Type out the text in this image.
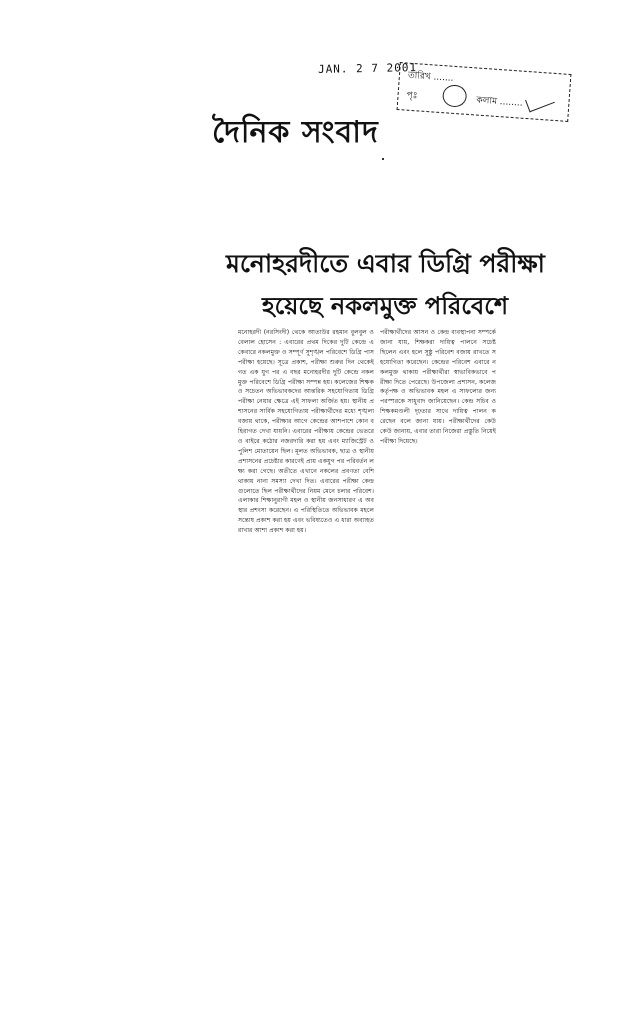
JAN. 2 7 2001
তারিখ .......
পৃঃ	কলাম ........
দৈনিক সংবাদ
মনোহরদীতে এবার ডিগ্রি পরীক্ষা
হয়েছে নকলমুক্ত পরিবেশে

মনোহরদী (নরসিংদী) থেকে আতাউর রহমান বুলবুল ও বেলাল হোসেন : এবারের প্রথম দিকের দুটি কেন্দ্রে একেবারে নকলমুক্ত ও সম্পূর্ণ সুশৃঙ্খল পরিবেশে ডিগ্রি পাস পরীক্ষা হয়েছে। সূত্রে প্রকাশ, পরীক্ষা শুরুর দিন থেকেই গত এক যুগ পর এ বছর মনোহরদীর দুটি কেন্দ্রে নকলমুক্ত পরিবেশে ডিগ্রি পরীক্ষা সম্পন্ন হয়। কলেজের শিক্ষক ও সচেতন অভিভাবকদের আন্তরিক সহযোগিতায় ডিগ্রি পরীক্ষা নেয়ার ক্ষেত্রে এই সাফল্য অর্জিত হয়। স্থানীয় প্রশাসনের সার্বিক সহযোগিতায় পরীক্ষার্থীদের মধ্যে শৃঙ্খলা বজায় থাকে, পরীক্ষার আগে কেন্দ্রের আশপাশে কোন বহিরাগত দেখা যায়নি। এবারের পরীক্ষায় কেন্দ্রের ভেতরে ও বাইরে কঠোর নজরদারি করা হয় এবং ম্যাজিস্ট্রেট ও পুলিশ মোতায়েন ছিল। মূলত অভিভাবক, ছাত্র ও স্থানীয় প্রশাসনের প্রচেষ্টার কারণেই প্রায় একযুগ পর পরিবর্তন লক্ষ্য করা গেছে। অতীতে এখানে নকলের প্রবণতা বেশি থাকায় নানা সমস্যা দেখা দিত। এবারের পরীক্ষা কেন্দ্রগুলোতে ছিল পরীক্ষার্থীদের নিয়ম মেনে চলার পরিবেশ। এলাকার শিক্ষানুরাগী মহল ও স্থানীয় জনসাধারণ এ অবস্থার প্রশংসা করেছেন। এ পরিস্থিতিতে অভিভাবক মহলে সন্তোষ প্রকাশ করা হয় এবং ভবিষ্যতেও এ ধারা অব্যাহত রাখার আশা প্রকাশ করা হয়।

পরীক্ষার্থীদের আসন ও কেন্দ্র ব্যবস্থাপনা সম্পর্কে জানা যায়, শিক্ষকরা দায়িত্ব পালনে সচেষ্ট ছিলেন এবং হলে সুষ্ঠু পরিবেশ বজায় রাখতে সহযোগিতা করেছেন। কেন্দ্রের পরিবেশ এবারে নকলমুক্ত থাকায় পরীক্ষার্থীরা স্বাভাবিকভাবে পরীক্ষা দিতে পেরেছে। উপজেলা প্রশাসন, কলেজ কর্তৃপক্ষ ও অভিভাবক মহল এ সাফল্যের জন্য পরস্পরকে সাধুবাদ জানিয়েছেন। কেন্দ্র সচিব ও শিক্ষকমণ্ডলী দৃঢ়তার সাথে দায়িত্ব পালন করেছেন বলে জানা যায়। পরীক্ষার্থীদের কেউ কেউ জানায়, এবার তারা নিজেরা প্রস্তুতি নিয়েই পরীক্ষা দিয়েছে।
